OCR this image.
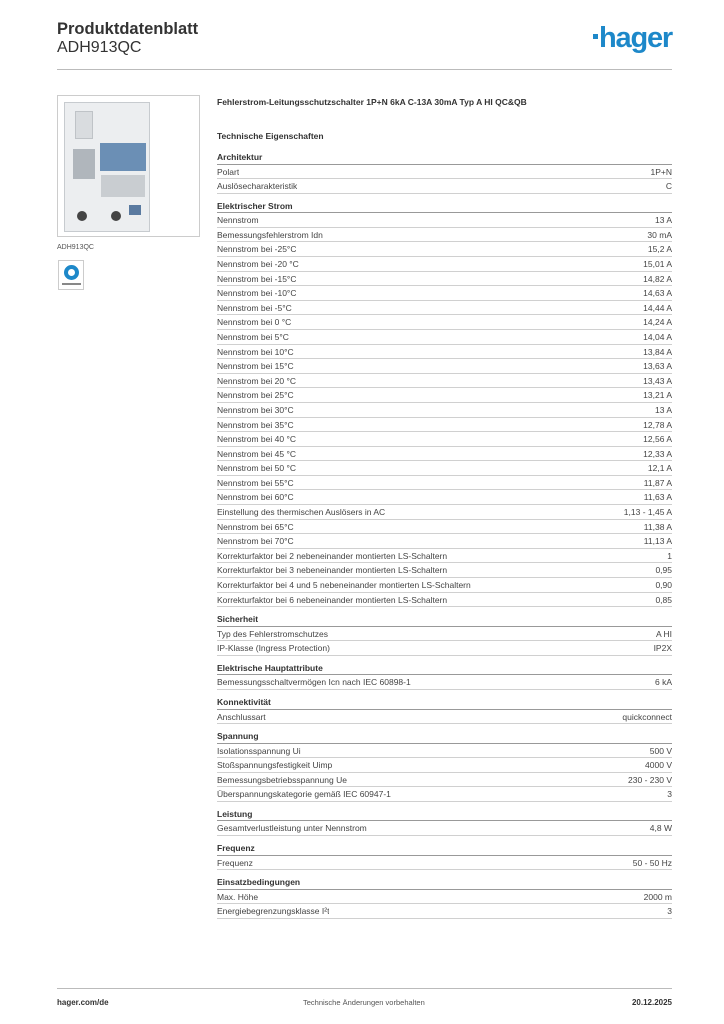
Produktdatenblatt
ADH913QC	hager
ADH913QC
Fehlerstrom-Leitungsschutzschalter 1P+N 6kA C-13A 30mA Typ A HI QC&QB
Technische Eigenschaften
Architektur
Polart	1P+N
Auslösecharakteristik	C
Elektrischer Strom
Nennstrom	13 A
Bemessungsfehlerstrom Idn	30 mA
Nennstrom bei -25°C	15,2 A
Nennstrom bei -20 °C	15,01 A
Nennstrom bei -15°C	14,82 A
Nennstrom bei -10°C	14,63 A
Nennstrom bei -5°C	14,44 A
Nennstrom bei 0 °C	14,24 A
Nennstrom bei 5°C	14,04 A
Nennstrom bei 10°C	13,84 A
Nennstrom bei 15°C	13,63 A
Nennstrom bei 20 °C	13,43 A
Nennstrom bei 25°C	13,21 A
Nennstrom bei 30°C	13 A
Nennstrom bei 35°C	12,78 A
Nennstrom bei 40 °C	12,56 A
Nennstrom bei 45 °C	12,33 A
Nennstrom bei 50 °C	12,1 A
Nennstrom bei 55°C	11,87 A
Nennstrom bei 60°C	11,63 A
Einstellung des thermischen Auslösers in AC	1,13 - 1,45 A
Nennstrom bei 65°C	11,38 A
Nennstrom bei 70°C	11,13 A
Korrekturfaktor bei 2 nebeneinander montierten LS-Schaltern	1
Korrekturfaktor bei 3 nebeneinander montierten LS-Schaltern	0,95
Korrekturfaktor bei 4 und 5 nebeneinander montierten LS-Schaltern	0,90
Korrekturfaktor bei 6 nebeneinander montierten LS-Schaltern	0,85
Sicherheit
Typ des Fehlerstromschutzes	A HI
IP-Klasse (Ingress Protection)	IP2X
Elektrische Hauptattribute
Bemessungsschaltvermögen Icn nach IEC 60898-1	6 kA
Konnektivität
Anschlussart	quickconnect
Spannung
Isolationsspannung Ui	500 V
Stoßspannungsfestigkeit Uimp	4000 V
Bemessungsbetriebsspannung Ue	230 - 230 V
Überspannungskategorie gemäß IEC 60947-1	3
Leistung
Gesamtverlustleistung unter Nennstrom	4,8 W
Frequenz
Frequenz	50 - 50 Hz
Einsatzbedingungen
Max. Höhe	2000 m
Energiebegrenzungsklasse I²t	3
hager.com/de	Technische Änderungen vorbehalten	20.12.2025
